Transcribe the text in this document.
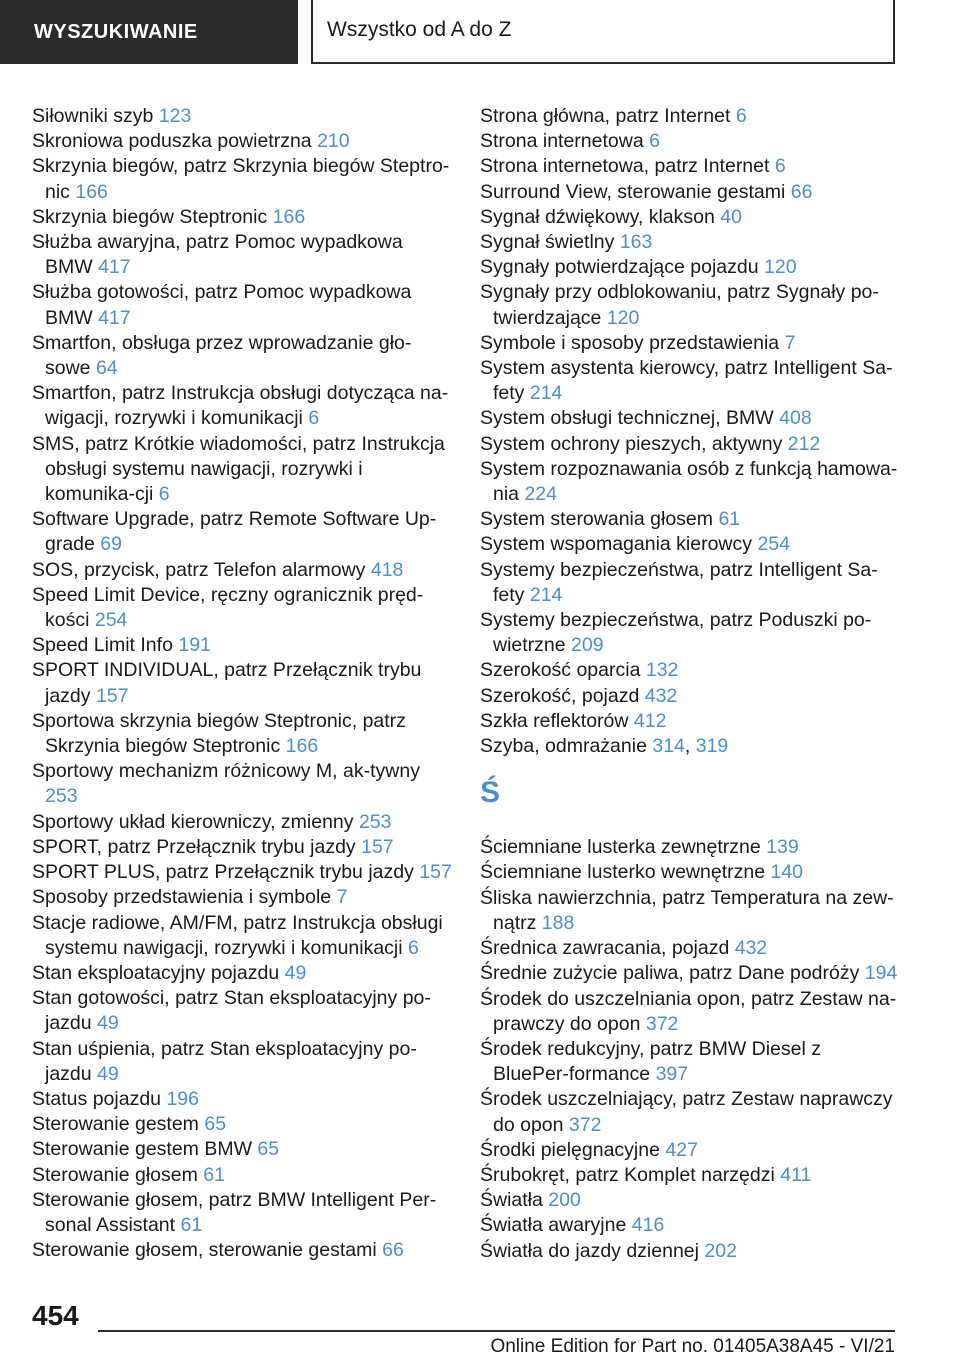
WYSZUKIWANIE	Wszystko od A do Z
Siłowniki szyb 123
Skroniowa poduszka powietrzna 210
Skrzynia biegów, patrz Skrzynia biegów Steptro‐nic 166
Skrzynia biegów Steptronic 166
Służba awaryjna, patrz Pomoc wypadkowa BMW 417
Służba gotowości, patrz Pomoc wypadkowa BMW 417
Smartfon, obsługa przez wprowadzanie gło‐sowe 64
Smartfon, patrz Instrukcja obsługi dotycząca na‐wigacji, rozrywki i komunikacji 6
SMS, patrz Krótkie wiadomości, patrz Instrukcja obsługi systemu nawigacji, rozrywki i komunika‐cji 6
Software Upgrade, patrz Remote Software Up‐grade 69
SOS, przycisk, patrz Telefon alarmowy 418
Speed Limit Device, ręczny ogranicznik pręd‐kości 254
Speed Limit Info 191
SPORT INDIVIDUAL, patrz Przełącznik trybu jazdy 157
Sportowa skrzynia biegów Steptronic, patrz Skrzynia biegów Steptronic 166
Sportowy mechanizm różnicowy M, ak‐tywny 253
Sportowy układ kierowniczy, zmienny 253
SPORT, patrz Przełącznik trybu jazdy 157
SPORT PLUS, patrz Przełącznik trybu jazdy 157
Sposoby przedstawienia i symbole 7
Stacje radiowe, AM/FM, patrz Instrukcja obsługi systemu nawigacji, rozrywki i komunikacji 6
Stan eksploatacyjny pojazdu 49
Stan gotowości, patrz Stan eksploatacyjny po‐jazdu 49
Stan uśpienia, patrz Stan eksploatacyjny po‐jazdu 49
Status pojazdu 196
Sterowanie gestem 65
Sterowanie gestem BMW 65
Sterowanie głosem 61
Sterowanie głosem, patrz BMW Intelligent Per‐sonal Assistant 61
Sterowanie głosem, sterowanie gestami 66
Strona główna, patrz Internet 6
Strona internetowa 6
Strona internetowa, patrz Internet 6
Surround View, sterowanie gestami 66
Sygnał dźwiękowy, klakson 40
Sygnał świetlny 163
Sygnały potwierdzające pojazdu 120
Sygnały przy odblokowaniu, patrz Sygnały po‐twierdzające 120
Symbole i sposoby przedstawienia 7
System asystenta kierowcy, patrz Intelligent Sa‐fety 214
System obsługi technicznej, BMW 408
System ochrony pieszych, aktywny 212
System rozpoznawania osób z funkcją hamowa‐nia 224
System sterowania głosem 61
System wspomagania kierowcy 254
Systemy bezpieczeństwa, patrz Intelligent Sa‐fety 214
Systemy bezpieczeństwa, patrz Poduszki po‐wietrzne 209
Szerokość oparcia 132
Szerokość, pojazd 432
Szkła reflektorów 412
Szyba, odmrażanie 314, 319
Ś
Ściemniane lusterka zewnętrzne 139
Ściemniane lusterko wewnętrzne 140
Śliska nawierzchnia, patrz Temperatura na zew‐nątrz 188
Średnica zawracania, pojazd 432
Średnie zużycie paliwa, patrz Dane podróży 194
Środek do uszczelniania opon, patrz Zestaw na‐prawczy do opon 372
Środek redukcyjny, patrz BMW Diesel z BluePer‐formance 397
Środek uszczelniający, patrz Zestaw naprawczy do opon 372
Środki pielęgnacyjne 427
Śrubokręt, patrz Komplet narzędzi 411
Światła 200
Światła awaryjne 416
Światła do jazdy dziennej 202
454
Online Edition for Part no. 01405A38A45 - VI/21
